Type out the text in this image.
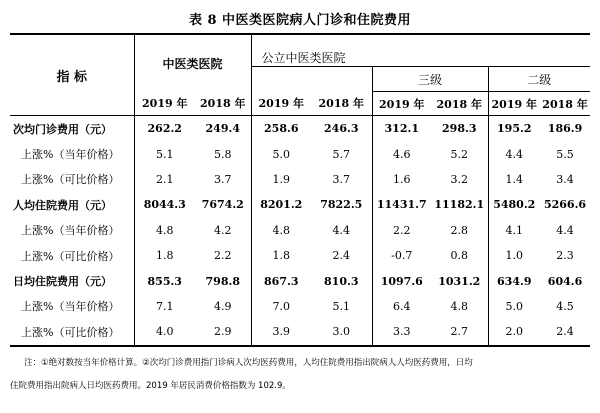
表 8 中医类医院病人门诊和住院费用
指 标	中医类医院		公立中医类医院					
					三级		二级	
	2019 年	2018 年	2019 年	2018 年	2019 年	2018 年	2019 年	2018 年
次均门诊费用（元）	262.2	249.4	258.6	246.3	312.1	298.3	195.2	186.9
上涨%（当年价格）	5.1	5.8	5.0	5.7	4.6	5.2	4.4	5.5
上涨%（可比价格）	2.1	3.7	1.9	3.7	1.6	3.2	1.4	3.4
人均住院费用（元）	8044.3	7674.2	8201.2	7822.5	11431.7	11182.1	5480.2	5266.6
上涨%（当年价格）	4.8	4.2	4.8	4.4	2.2	2.8	4.1	4.4
上涨%（可比价格）	1.8	2.2	1.8	2.4	-0.7	0.8	1.0	2.3
日均住院费用（元）	855.3	798.8	867.3	810.3	1097.6	1031.2	634.9	604.6
上涨%（当年价格）	7.1	4.9	7.0	5.1	6.4	4.8	5.0	4.5
上涨%（可比价格）	4.0	2.9	3.9	3.0	3.3	2.7	2.0	2.4
注：①绝对数按当年价格计算。②次均门诊费用指门诊病人次均医药费用，人均住院费用指出院病人人均医药费用，日均
住院费用指出院病人日均医药费用。2019 年居民消费价格指数为 102.9。
